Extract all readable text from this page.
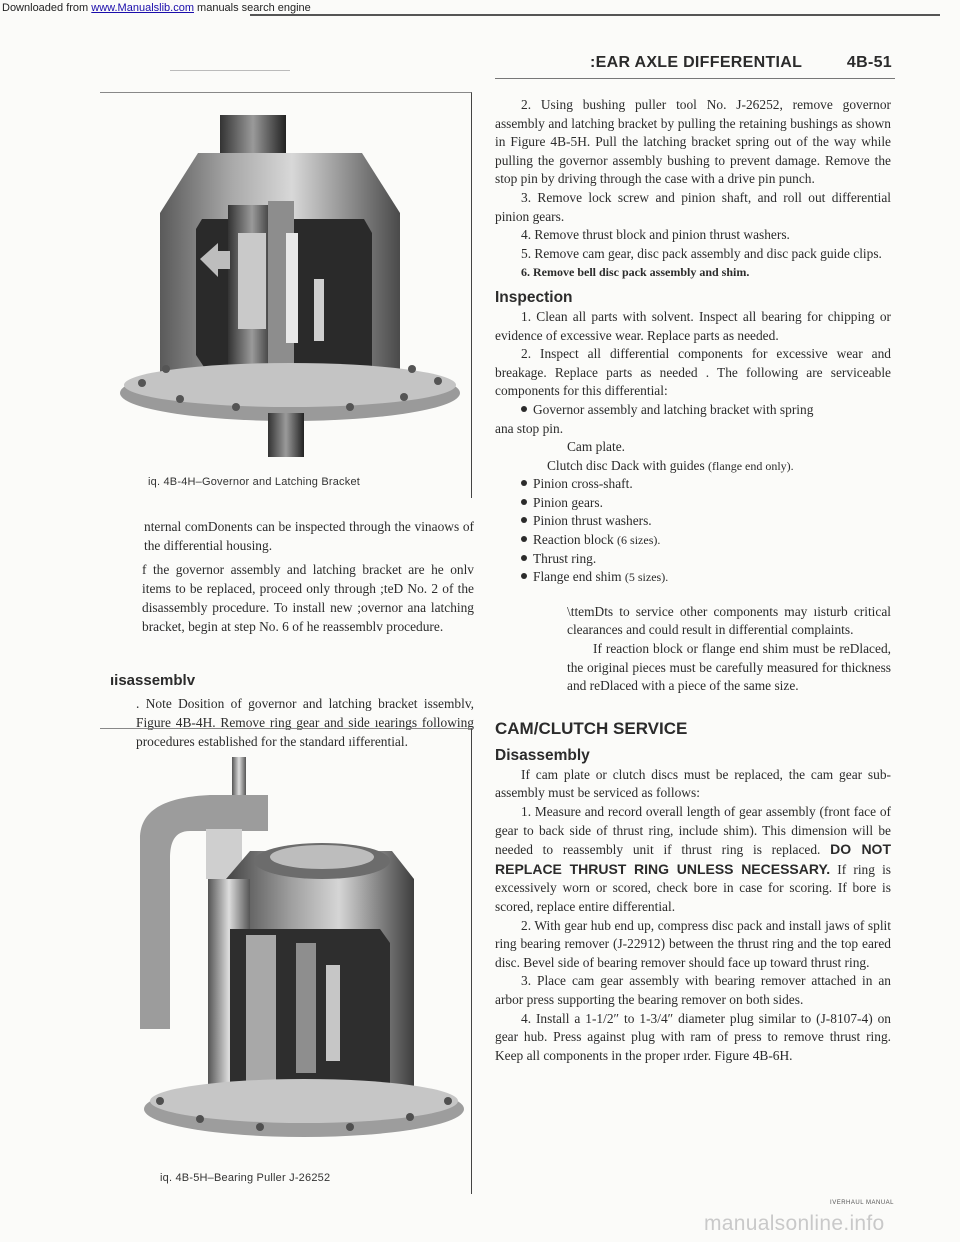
Downloaded from www.Manualslib.com manuals search engine
:EAR AXLE DIFFERENTIAL	4B-51
iq. 4B-4H–Governor and Latching Bracket

nternal comDonents can be inspected through the vinaows of the differential housing.

f the governor assembly and latching bracket are he onlv items to be replaced, proceed only through ;teD No. 2 of the disassembly procedure. To install new ;overnor ana latching bracket, begin at step No. 6 of he reassemblv procedure.

ıisassemblv

. Note Dosition of governor and latching bracket issemblv, Figure 4B-4H. Remove ring gear and side ıearings following procedures established for the standard ıifferential.

iq. 4B-5H–Bearing Puller J-26252

2. Using bushing puller tool No. J-26252, remove governor assembly and latching bracket by pulling the retaining bushings as shown in Figure 4B-5H. Pull the latching bracket spring out of the way while pulling the governor assembly bushing to prevent damage. Remove the stop pin by driving through the case with a drive pin punch.

3. Remove lock screw and pinion shaft, and roll out differential pinion gears.

4. Remove thrust block and pinion thrust washers.

5. Remove cam gear, disc pack assembly and disc pack guide clips.

6. Remove bell disc pack assembly and shim.

Inspection

1. Clean all parts with solvent. Inspect all bearing for chipping or evidence of excessive wear. Replace parts as needed.

2. Inspect all differential components for excessive wear and breakage. Replace parts as needed . The following are serviceable components for this differential:

Governor assembly and latching bracket with spring

ana stop pin.

Cam plate.

Clutch disc Dack with guides (flange end only).

Pinion cross-shaft.

Pinion gears.

Pinion thrust washers.

Reaction block (6 sizes).

Thrust ring.

Flange end shim (5 sizes).

\ttemDts to service other components may ıisturb critical clearances and could result in differential complaints.

If reaction block or flange end shim must be reDlaced, the original pieces must be carefully measured for thickness and reDlaced with a piece of the same size.

CAM/CLUTCH SERVICE
Disassembly

If cam plate or clutch discs must be replaced, the cam gear sub-assembly must be serviced as follows:

1. Measure and record overall length of gear assembly (front face of gear to back side of thrust ring, include shim). This dimension will be needed to reassembly unit if thrust ring is replaced. DO NOT REPLACE THRUST RING UNLESS NECESSARY. If ring is excessively worn or scored, check bore in case for scoring. If bore is scored, replace entire differential.

2. With gear hub end up, compress disc pack and install jaws of split ring bearing remover (J-22912) between the thrust ring and the top eared disc. Bevel side of bearing remover should face up toward thrust ring.

3. Place cam gear assembly with bearing remover attached in an arbor press supporting the bearing remover on both sides.

4. Install a 1-1/2″ to 1-3/4″ diameter plug similar to (J-8107-4) on gear hub. Press against plug with ram of press to remove thrust ring. Keep all components in the proper ırder. Figure 4B-6H.

IVERHAUL MANUAL
manualsonline.info
